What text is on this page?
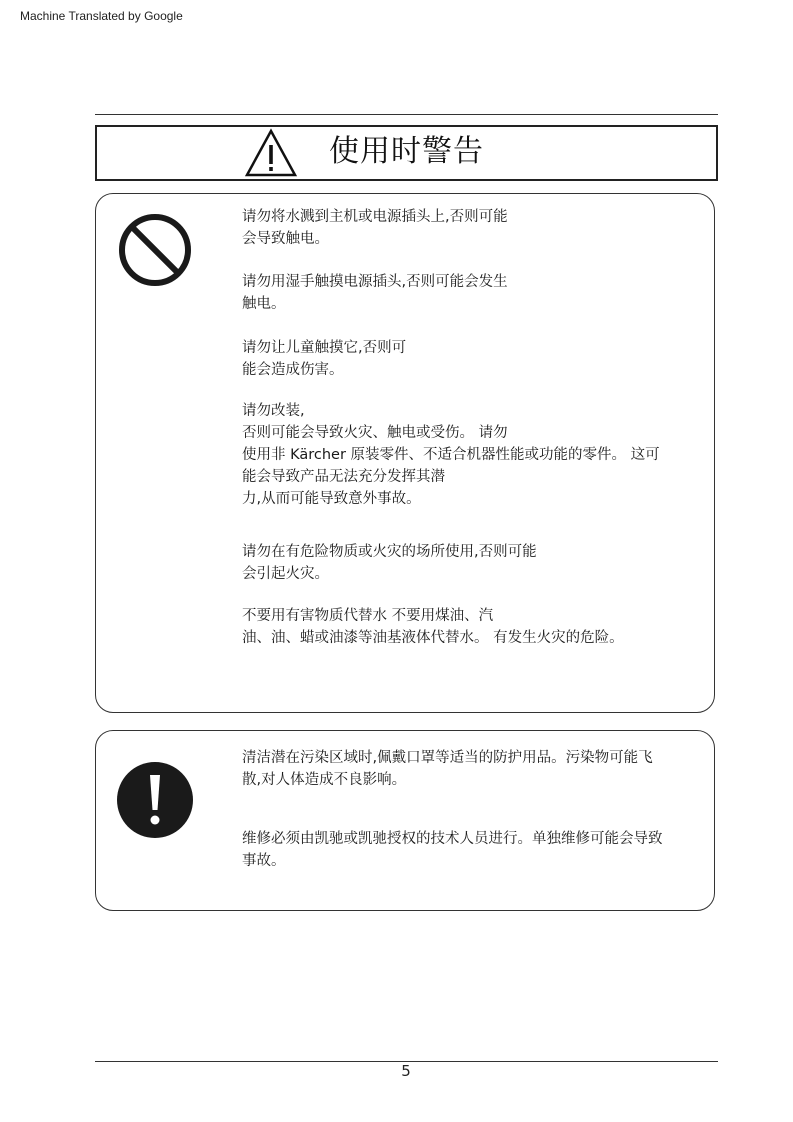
Machine Translated by Google
使用时警告
请勿将水溅到主机或电源插头上,否则可能
会导致触电。
请勿用湿手触摸电源插头,否则可能会发生
触电。
请勿让儿童触摸它,否则可
能会造成伤害。
请勿改装,
否则可能会导致火灾、触电或受伤。 请勿
使用非 Kärcher 原装零件、不适合机器性能或功能的零件。 这可
能会导致产品无法充分发挥其潜
力,从而可能导致意外事故。
请勿在有危险物质或火灾的场所使用,否则可能
会引起火灾。
不要用有害物质代替水 不要用煤油、汽
油、油、蜡或油漆等油基液体代替水。 有发生火灾的危险。
清洁潜在污染区域时,佩戴口罩等适当的防护用品。污染物可能飞
散,对人体造成不良影响。
维修必须由凯驰或凯驰授权的技术人员进行。单独维修可能会导致
事故。
5
